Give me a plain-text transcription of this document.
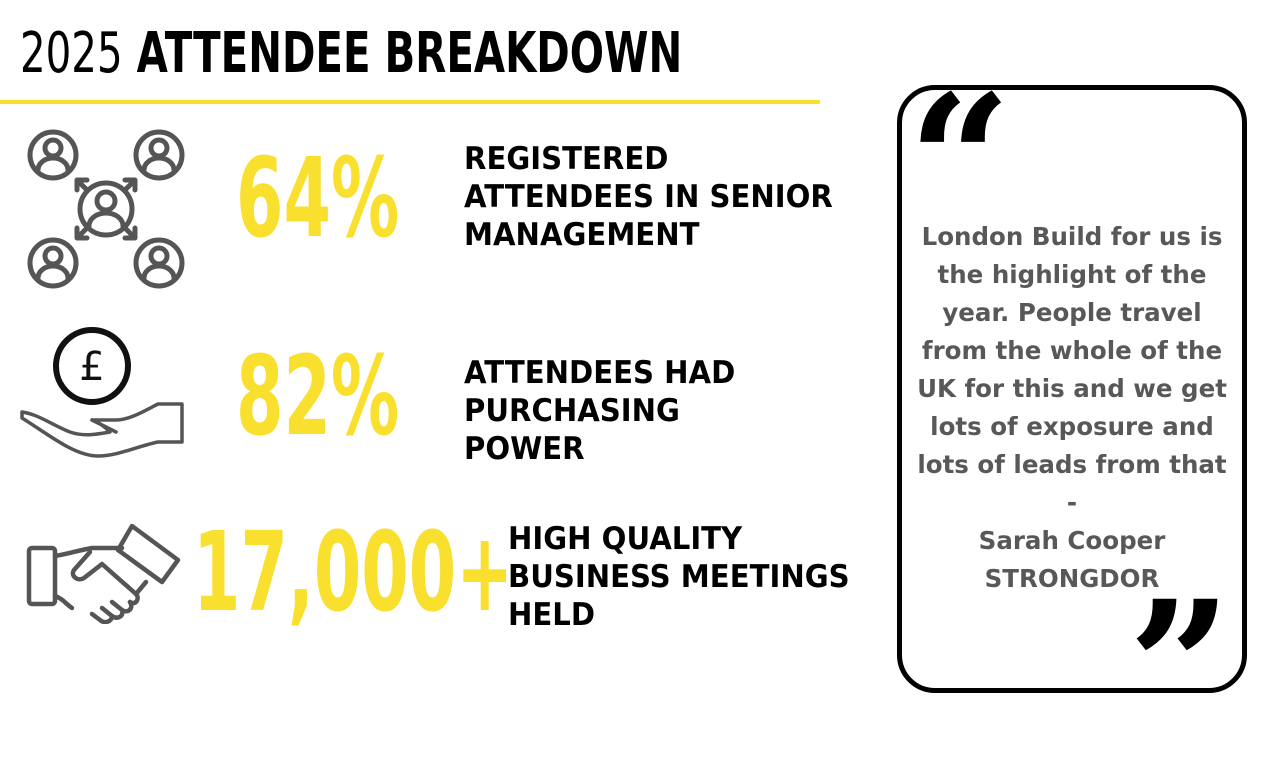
2025 ATTENDEE BREAKDOWN
64% REGISTERED
ATTENDEES IN SENIOR
MANAGEMENT
£ 82% ATTENDEES HAD
PURCHASING
POWER
17,000+
HIGH QUALITY
BUSINESS MEETINGS
HELD
“
”
London Build for us is
the highlight of the
year. People travel
from the whole of the
UK for this and we get
lots of exposure and
lots of leads from that -
Sarah Cooper
STRONGDOR
